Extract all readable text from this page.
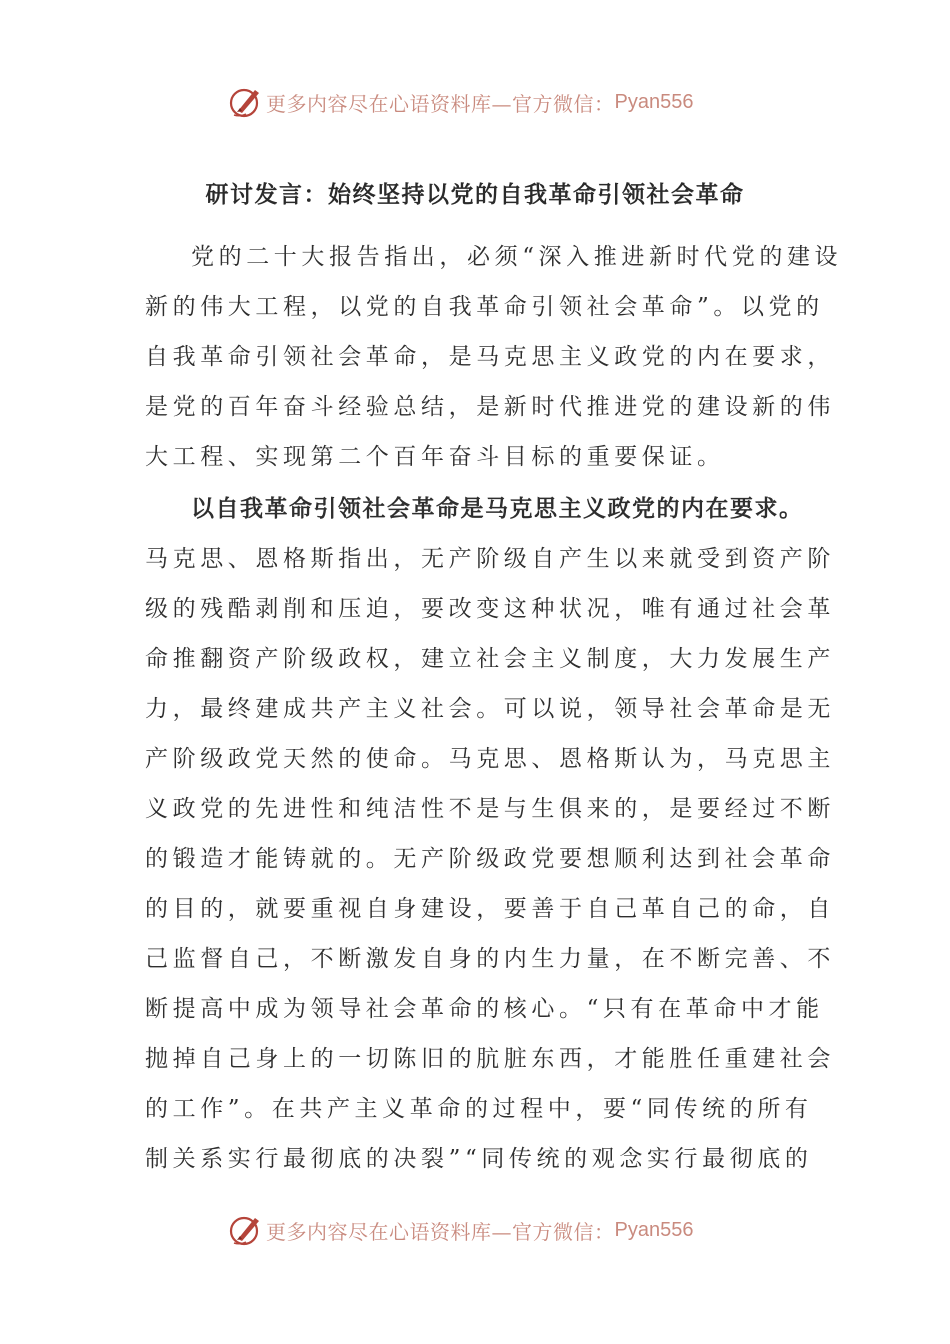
更多内容尽在心语资料库—官方微信： Pyan556
研讨发言：始终坚持以党的自我革命引领社会革命
党的二十大报告指出，必须“深入推进新时代党的建设
新的伟大工程，以党的自我革命引领社会革命”。以党的
自我革命引领社会革命，是马克思主义政党的内在要求，
是党的百年奋斗经验总结，是新时代推进党的建设新的伟
大工程、实现第二个百年奋斗目标的重要保证。
以自我革命引领社会革命是马克思主义政党的内在要求。
马克思、恩格斯指出，无产阶级自产生以来就受到资产阶
级的残酷剥削和压迫，要改变这种状况，唯有通过社会革
命推翻资产阶级政权，建立社会主义制度，大力发展生产
力，最终建成共产主义社会。可以说，领导社会革命是无
产阶级政党天然的使命。马克思、恩格斯认为，马克思主
义政党的先进性和纯洁性不是与生俱来的，是要经过不断
的锻造才能铸就的。无产阶级政党要想顺利达到社会革命
的目的，就要重视自身建设，要善于自己革自己的命，自
己监督自己，不断激发自身的内生力量，在不断完善、不
断提高中成为领导社会革命的核心。“只有在革命中才能
抛掉自己身上的一切陈旧的肮脏东西，才能胜任重建社会
的工作”。在共产主义革命的过程中，要“同传统的所有
制关系实行最彻底的决裂”“同传统的观念实行最彻底的
更多内容尽在心语资料库—官方微信： Pyan556
